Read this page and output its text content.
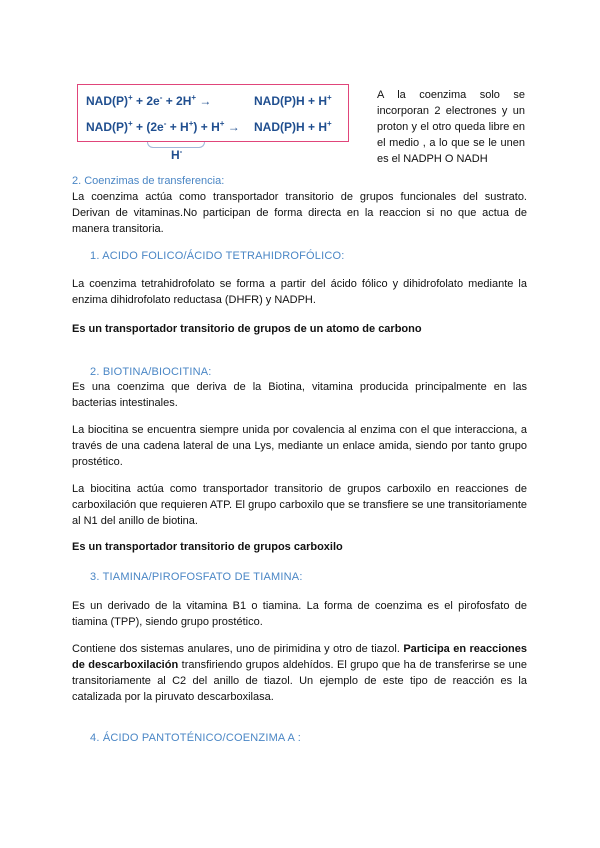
NAD(P)+ + 2e- + 2H+ →	NAD(P)H + H+
NAD(P)+ + (2e- + H+) + H+ → NAD(P)H + H+
H-
A la coenzima solo se incorporan 2 electrones y un proton y el otro queda libre en el medio , a lo que se le unen es el NADPH O NADH
2. Coenzimas de transferencia:
La coenzima actúa como transportador transitorio de grupos funcionales del sustrato. Derivan de vitaminas.No participan de forma directa en la reaccion si no que actua de manera transitoria.
1. ACIDO FOLICO/ÁCIDO TETRAHIDROFÓLICO:
La coenzima tetrahidrofolato se forma a partir del ácido fólico y dihidrofolato mediante la enzima dihidrofolato reductasa (DHFR) y NADPH.
Es un transportador transitorio de grupos de un atomo de carbono
2. BIOTINA/BIOCITINA:
Es una coenzima que deriva de la Biotina, vitamina producida principalmente en las bacterias intestinales.
La biocitina se encuentra siempre unida por covalencia al enzima con el que interacciona, a través de una cadena lateral de una Lys, mediante un enlace amida, siendo por tanto grupo prostético.
La biocitina actúa como transportador transitorio de grupos carboxilo en reacciones de carboxilación que requieren ATP. El grupo carboxilo que se transfiere se une transitoriamente al N1 del anillo de biotina.
Es un transportador transitorio de grupos carboxilo
3. TIAMINA/PIROFOSFATO DE TIAMINA:
Es un derivado de la vitamina B1 o tiamina. La forma de coenzima es el pirofosfato de tiamina (TPP), siendo grupo prostético.
Contiene dos sistemas anulares, uno de pirimidina y otro de tiazol. Participa en reacciones de descarboxilación transfiriendo grupos aldehídos. El grupo que ha de transferirse se une transitoriamente al C2 del anillo de tiazol. Un ejemplo de este tipo de reacción es la catalizada por la piruvato descarboxilasa.
4. ÁCIDO PANTOTÉNICO/COENZIMA A :
